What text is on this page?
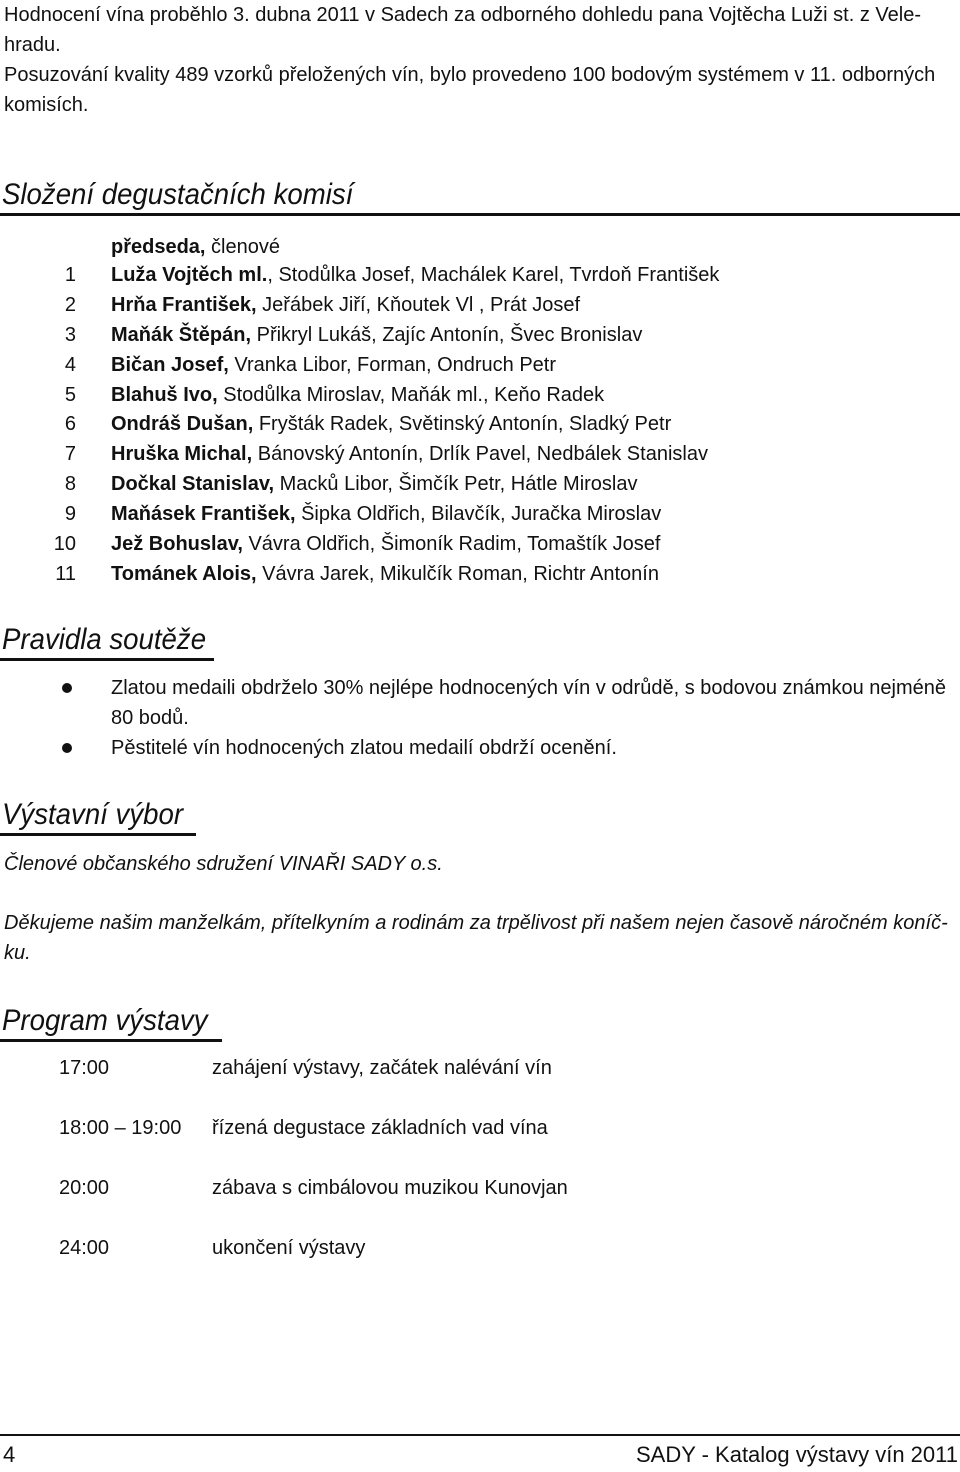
Hodnocení vína proběhlo 3. dubna 2011 v Sadech za odborného dohledu pana Vojtěcha Luži st. z Vele-

hradu.

Posuzování kvality 489 vzorků přeložených vín, bylo provedeno 100 bodovým systémem v 11. odborných

komisích.

Složení degustačních komisí
předseda, členové
1 Luža Vojtěch ml., Stodůlka Josef, Machálek Karel, Tvrdoň František
2 Hrňa František, Jeřábek Jiří, Kňoutek Vl , Prát Josef
3 Maňák Štěpán, Přikryl Lukáš, Zajíc Antonín, Švec Bronislav
4 Bičan Josef, Vranka Libor, Forman, Ondruch Petr
5 Blahuš Ivo, Stodůlka Miroslav, Maňák ml., Keňo Radek
6 Ondráš Dušan, Fryšták Radek, Světinský Antonín, Sladký Petr
7 Hruška Michal, Bánovský Antonín, Drlík Pavel, Nedbálek Stanislav
8 Dočkal Stanislav, Macků Libor, Šimčík Petr, Hátle Miroslav
9 Maňásek František, Šipka Oldřich, Bilavčík, Juračka Miroslav
10 Jež Bohuslav, Vávra Oldřich, Šimoník Radim, Tomaštík Josef
11 Tománek Alois, Vávra Jarek, Mikulčík Roman, Richtr Antonín
Pravidla soutěže
Zlatou medaili obdrželo 30% nejlépe hodnocených vín v odrůdě, s bodovou známkou nejméně 80 bodů.
Pěstitelé vín hodnocených zlatou medailí obdrží ocenění.
Výstavní výbor
Členové občanského sdružení VINAŘI SADY o.s.
Děkujeme našim manželkám, přítelkyním a rodinám za trpělivost při našem nejen časově náročném koníč-
ku.
Program výstavy
17:00	zahájení výstavy, začátek nalévání vín
18:00 – 19:00 řízená degustace základních vad vína
20:00	zábava s cimbálovou muzikou Kunovjan
24:00	ukončení výstavy
4	SADY - Katalog výstavy vín 2011
